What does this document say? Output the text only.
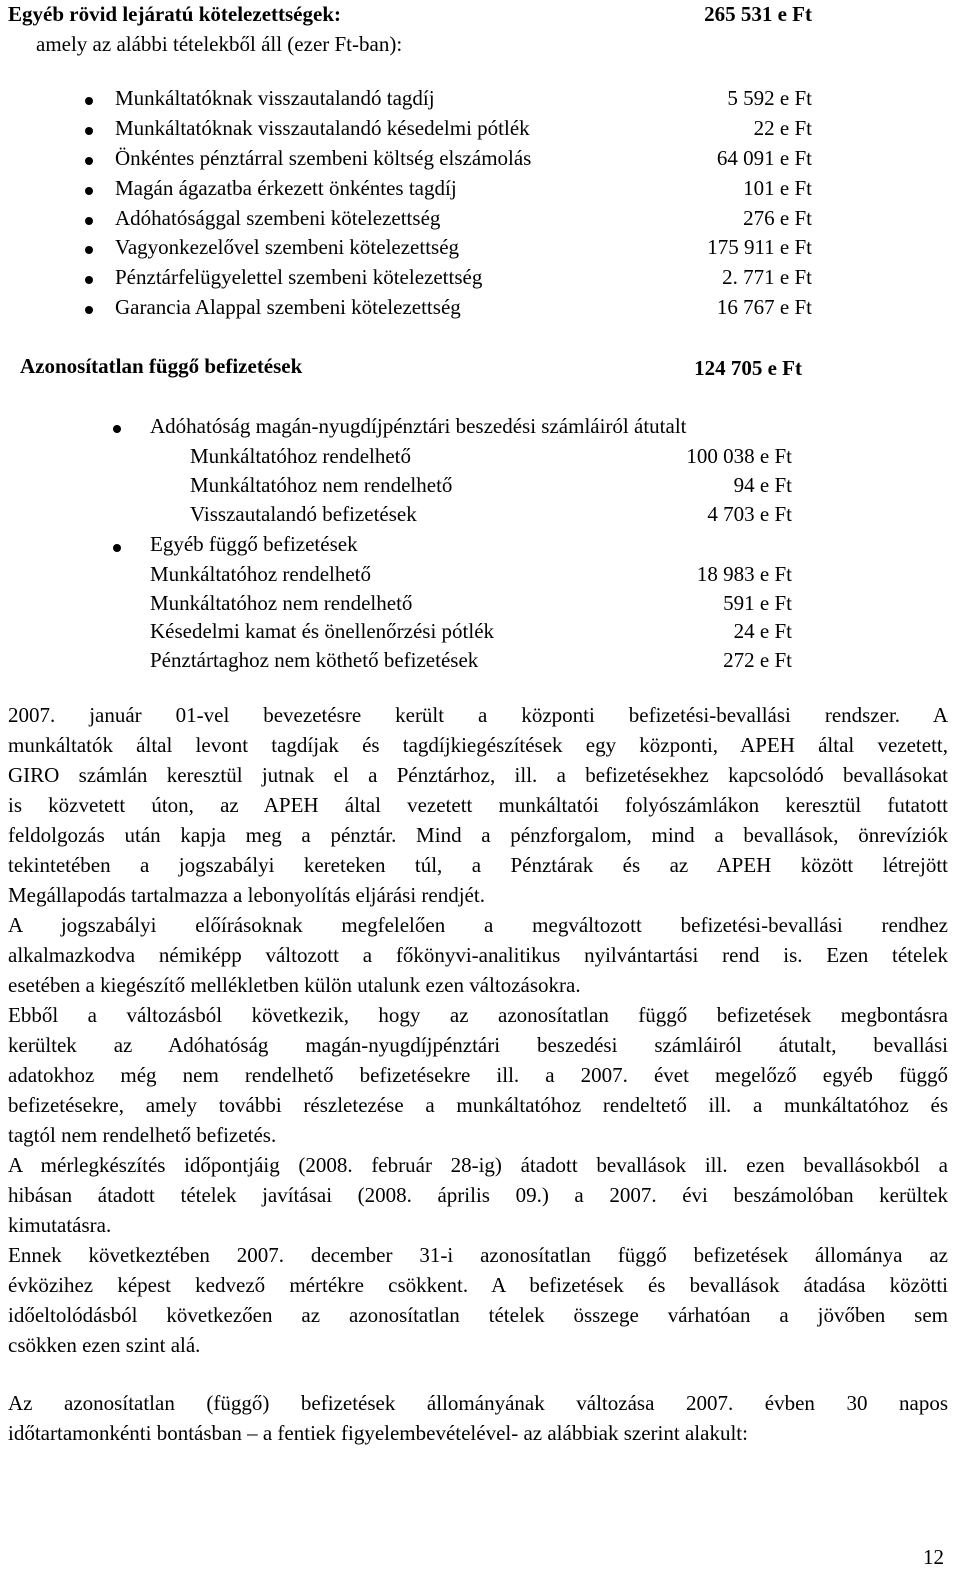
Egyéb rövid lejáratú kötelezettségek:	265 531 e Ft
amely az alábbi tételekből áll (ezer Ft-ban):
Munkáltatóknak visszautalandó tagdíj	5 592 e Ft
Munkáltatóknak visszautalandó késedelmi pótlék	22 e Ft
Önkéntes pénztárral szembeni költség elszámolás	64 091 e Ft
Magán ágazatba érkezett önkéntes tagdíj	101 e Ft
Adóhatósággal szembeni kötelezettség	276 e Ft
Vagyonkezelővel szembeni kötelezettség	175 911 e Ft
Pénztárfelügyelettel szembeni kötelezettség	2. 771 e Ft
Garancia Alappal szembeni kötelezettség	16 767 e Ft
Azonosítatlan függő befizetések	124 705 e Ft
Adóhatóság magán-nyugdíjpénztári beszedési számláiról átutalt
Munkáltatóhoz rendelhető	100 038 e Ft
Munkáltatóhoz nem rendelhető	94 e Ft
Visszautalandó befizetések	4 703 e Ft
Egyéb függő befizetések
Munkáltatóhoz rendelhető	18 983 e Ft
Munkáltatóhoz nem rendelhető	591 e Ft
Késedelmi kamat és önellenőrzési pótlék	24 e Ft
Pénztártaghoz nem köthető befizetések	272 e Ft
2007. január 01-vel bevezetésre került a központi befizetési-bevallási rendszer. A
munkáltatók által levont tagdíjak és tagdíjkiegészítések egy központi, APEH által vezetett,
GIRO számlán keresztül jutnak el a Pénztárhoz, ill. a befizetésekhez kapcsolódó bevallásokat
is közvetett úton, az APEH által vezetett munkáltatói folyószámlákon keresztül futatott
feldolgozás után kapja meg a pénztár. Mind a pénzforgalom, mind a bevallások, önrevíziók
tekintetében a jogszabályi kereteken túl, a Pénztárak és az APEH között létrejött
Megállapodás tartalmazza a lebonyolítás eljárási rendjét.
A jogszabályi előírásoknak megfelelően a megváltozott befizetési-bevallási rendhez
alkalmazkodva némiképp változott a főkönyvi-analitikus nyilvántartási rend is. Ezen tételek
esetében a kiegészítő mellékletben külön utalunk ezen változásokra.
Ebből a változásból következik, hogy az azonosítatlan függő befizetések megbontásra
kerültek az Adóhatóság magán-nyugdíjpénztári beszedési számláiról átutalt, bevallási
adatokhoz még nem rendelhető befizetésekre ill. a 2007. évet megelőző egyéb függő
befizetésekre, amely további részletezése a munkáltatóhoz rendeltető ill. a munkáltatóhoz és
tagtól nem rendelhető befizetés.
A mérlegkészítés időpontjáig (2008. február 28-ig) átadott bevallások ill. ezen bevallásokból a
hibásan átadott tételek javításai (2008. április 09.) a 2007. évi beszámolóban kerültek
kimutatásra.
Ennek következtében 2007. december 31-i azonosítatlan függő befizetések állománya az
évközihez képest kedvező mértékre csökkent. A befizetések és bevallások átadása közötti
időeltolódásból következően az azonosítatlan tételek összege várhatóan a jövőben sem
csökken ezen szint alá.
Az azonosítatlan (függő) befizetések állományának változása 2007. évben 30 napos
időtartamonkénti bontásban – a fentiek figyelembevételével- az alábbiak szerint alakult:
12
